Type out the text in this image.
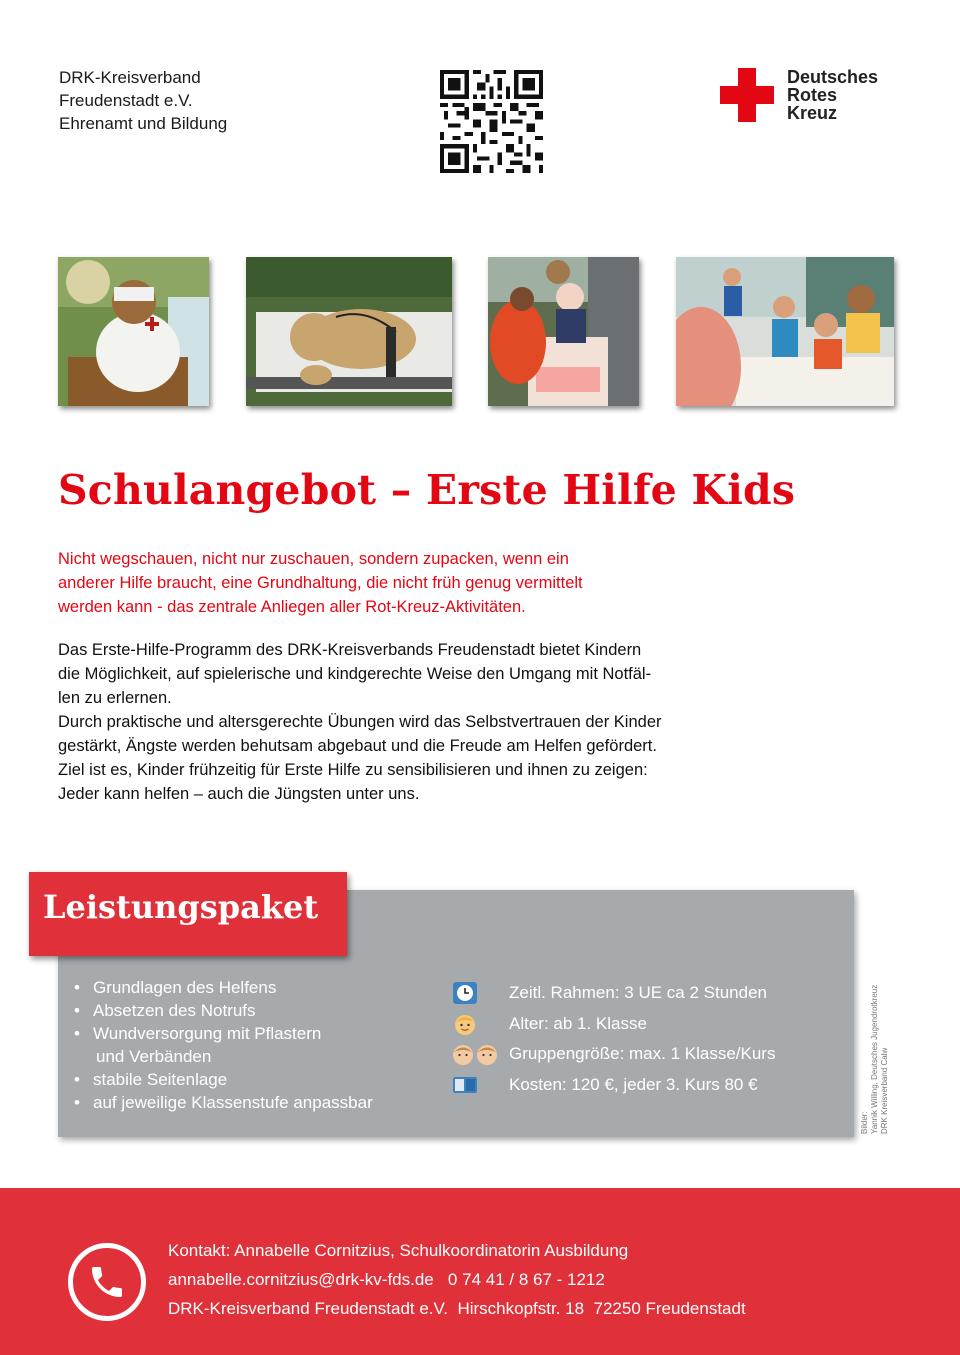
DRK-Kreisverband
Freudenstadt e.V.
Ehrenamt und Bildung
Deutsches
Rotes
Kreuz
Schulangebot – Erste Hilfe Kids
Nicht wegschauen, nicht nur zuschauen, sondern zupacken, wenn ein
anderer Hilfe braucht, eine Grundhaltung, die nicht früh genug vermittelt
werden kann - das zentrale Anliegen aller Rot-Kreuz-Aktivitäten.

Das Erste-Hilfe-Programm des DRK-Kreisverbands Freudenstadt bietet Kindern

die Möglichkeit, auf spielerische und kindgerechte Weise den Umgang mit Notfäl-

len zu erlernen.

Durch praktische und altersgerechte Übungen wird das Selbstvertrauen der Kinder

gestärkt, Ängste werden behutsam abgebaut und die Freude am Helfen gefördert.

Ziel ist es, Kinder frühzeitig für Erste Hilfe zu sensibilisieren und ihnen zu zeigen:

Jeder kann helfen – auch die Jüngsten unter uns.

Leistungspaket
• Grundlagen des Helfens
• Absetzen des Notrufs
• Wundversorgung mit Pflastern
und Verbänden
• stabile Seitenlage
• auf jeweilige Klassenstufe anpassbar
Zeitl. Rahmen: 3 UE ca 2 Stunden
Alter: ab 1. Klasse
Gruppengröße: max. 1 Klasse/Kurs
Kosten: 120 €, jeder 3. Kurs 80 €
Bilder: Yannik Willing, Deutsches Jugendrotkreuz DRK Kreisverband Calw
Kontakt: Annabelle Cornitzius, Schulkoordinatorin Ausbildung
annabelle.cornitzius@drk-kv-fds.de   0 74 41 / 8 67 - 1212
DRK-Kreisverband Freudenstadt e.V.  Hirschkopfstr. 18  72250 Freudenstadt
